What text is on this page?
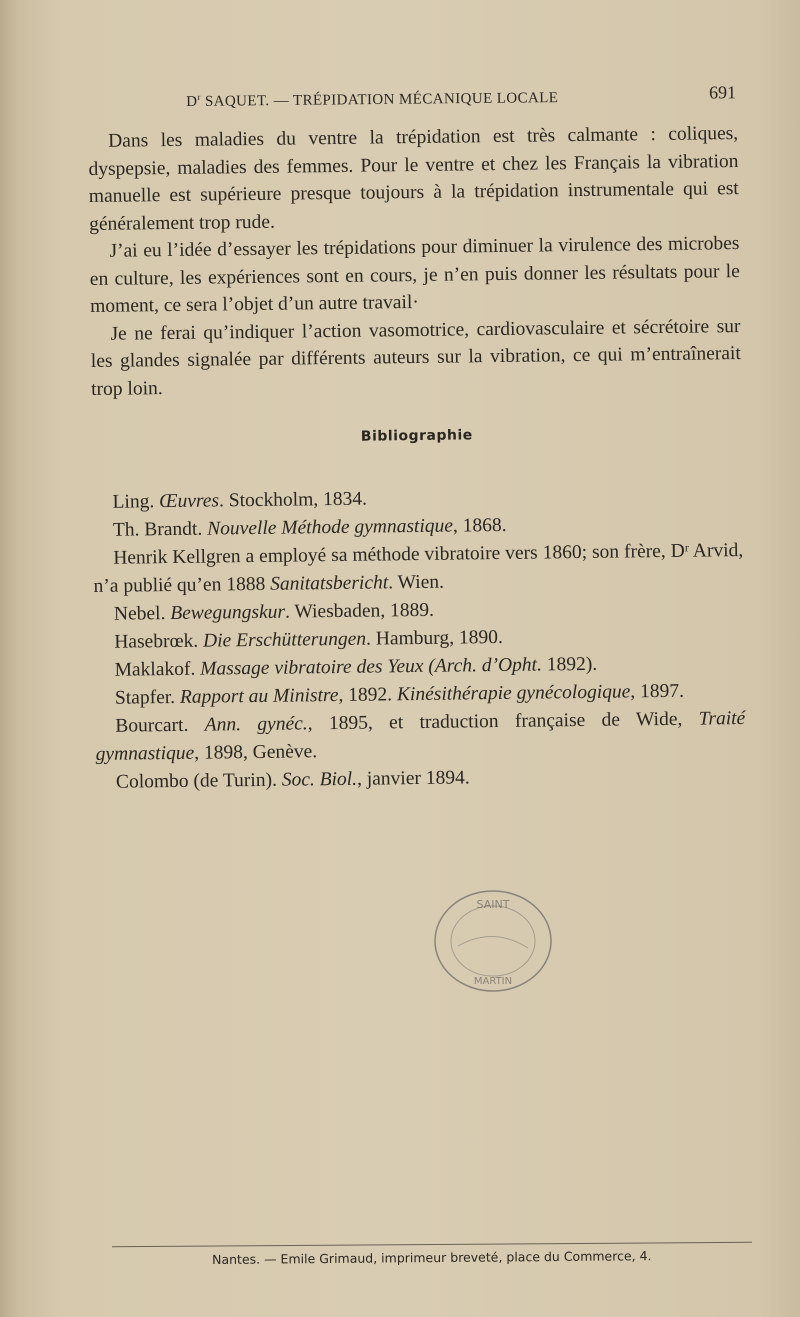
$D^r$ SAQUET. — TRÉPIDATION MÉCANIQUE LOCALE	691

Dans les maladies du ventre la trépidation est très calmante : coliques, dyspepsie, maladies des femmes. Pour le ventre et chez les Français la vibration manuelle est supérieure presque toujours à la trépidation instrumentale qui est généralement trop rude.

J’ai eu l’idée d’essayer les trépidations pour diminuer la virulence des microbes en culture, les expériences sont en cours, je n’en puis donner les résultats pour le moment, ce sera l’objet d’un autre travail·

Je ne ferai qu’indiquer l’action vasomotrice, cardiovasculaire et sécrétoire sur les glandes signalée par différents auteurs sur la vibration, ce qui m’entraînerait trop loin.

Bibliographie

Ling. Œuvres. Stockholm, 1834.

Th. Brandt. Nouvelle Méthode gymnastique, 1868.

Henrik Kellgren a employé sa méthode vibratoire vers 1860; son frère, Dʳ Arvid, n’a publié qu’en 1888 Sanitatsbericht. Wien.

Nebel. Bewegungskur. Wiesbaden, 1889.

Hasebrœk. Die Erschütterungen. Hamburg, 1890.

Maklakof. Massage vibratoire des Yeux (Arch. d’Opht. 1892).

Stapfer. Rapport au Ministre, 1892. Kinésithérapie gynécologique, 1897.

Bourcart. Ann. gynéc., 1895, et traduction française de Wide, Traité gymnastique, 1898, Genève.

Colombo (de Turin). Soc. Biol., janvier 1894.

SAINT
MARTIN
Nantes. — Emile Grimaud, imprimeur breveté, place du Commerce, 4.
